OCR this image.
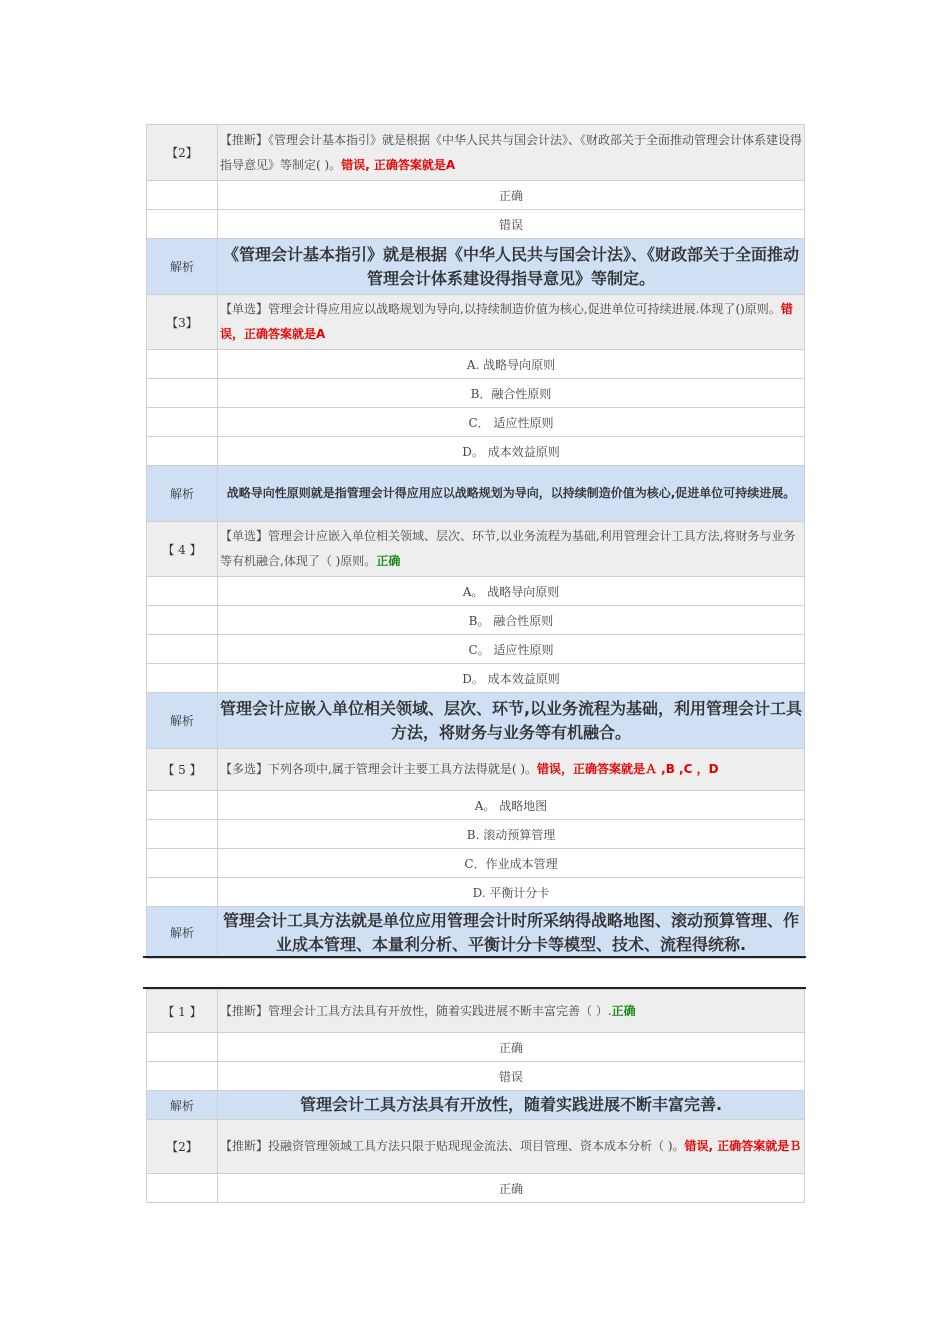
【2】	【推断】《管理会计基本指引》就是根据《中华人民共与国会计法》、《财政部关于全面推动管理会计体系建设得指导意见》等制定( )。错误, 正确答案就是A
	正确
	错误
解析	《管理会计基本指引》就是根据《中华人民共与国会计法》、《财政部关于全面推动管理会计体系建设得指导意见》等制定。
【3】	【单选】管理会计得应用应以战略规划为导向,以持续制造价值为核心,促进单位可持续进展.体现了()原则。错误，正确答案就是A
	A. 战略导向原则
	B．融合性原则
	C． 适应性原则
	D。 成本效益原则
解析	战略导向性原则就是指管理会计得应用应以战略规划为导向，以持续制造价值为核心,促进单位可持续进展。
【 4 】	【单选】管理会计应嵌入单位相关领域、层次、环节,以业务流程为基础,利用管理会计工具方法,将财务与业务等有机融合,体现了（ )原则。正确
	A。 战略导向原则
	B。 融合性原则
	C。 适应性原则
	D。 成本效益原则
解析	管理会计应嵌入单位相关领域、层次、环节,以业务流程为基础，利用管理会计工具方法，将财务与业务等有机融合。
【 5 】	【多选】下列各项中,属于管理会计主要工具方法得就是( )。错误，正确答案就是Ａ ,B ,C ，D
	A。 战略地图
	B. 滚动预算管理
	C．作业成本管理
	D. 平衡计分卡
解析	管理会计工具方法就是单位应用管理会计时所采纳得战略地图、滚动预算管理、作业成本管理、本量利分析、平衡计分卡等模型、技术、流程得统称.
【 1 】	【推断】管理会计工具方法具有开放性，随着实践进展不断丰富完善（ ）.正确
	正确
	错误
解析	管理会计工具方法具有开放性，随着实践进展不断丰富完善.
【2】	【推断】投融资管理领域工具方法只限于贴现现金流法、项目管理、资本成本分析（ )。错误, 正确答案就是Ｂ
	正确
